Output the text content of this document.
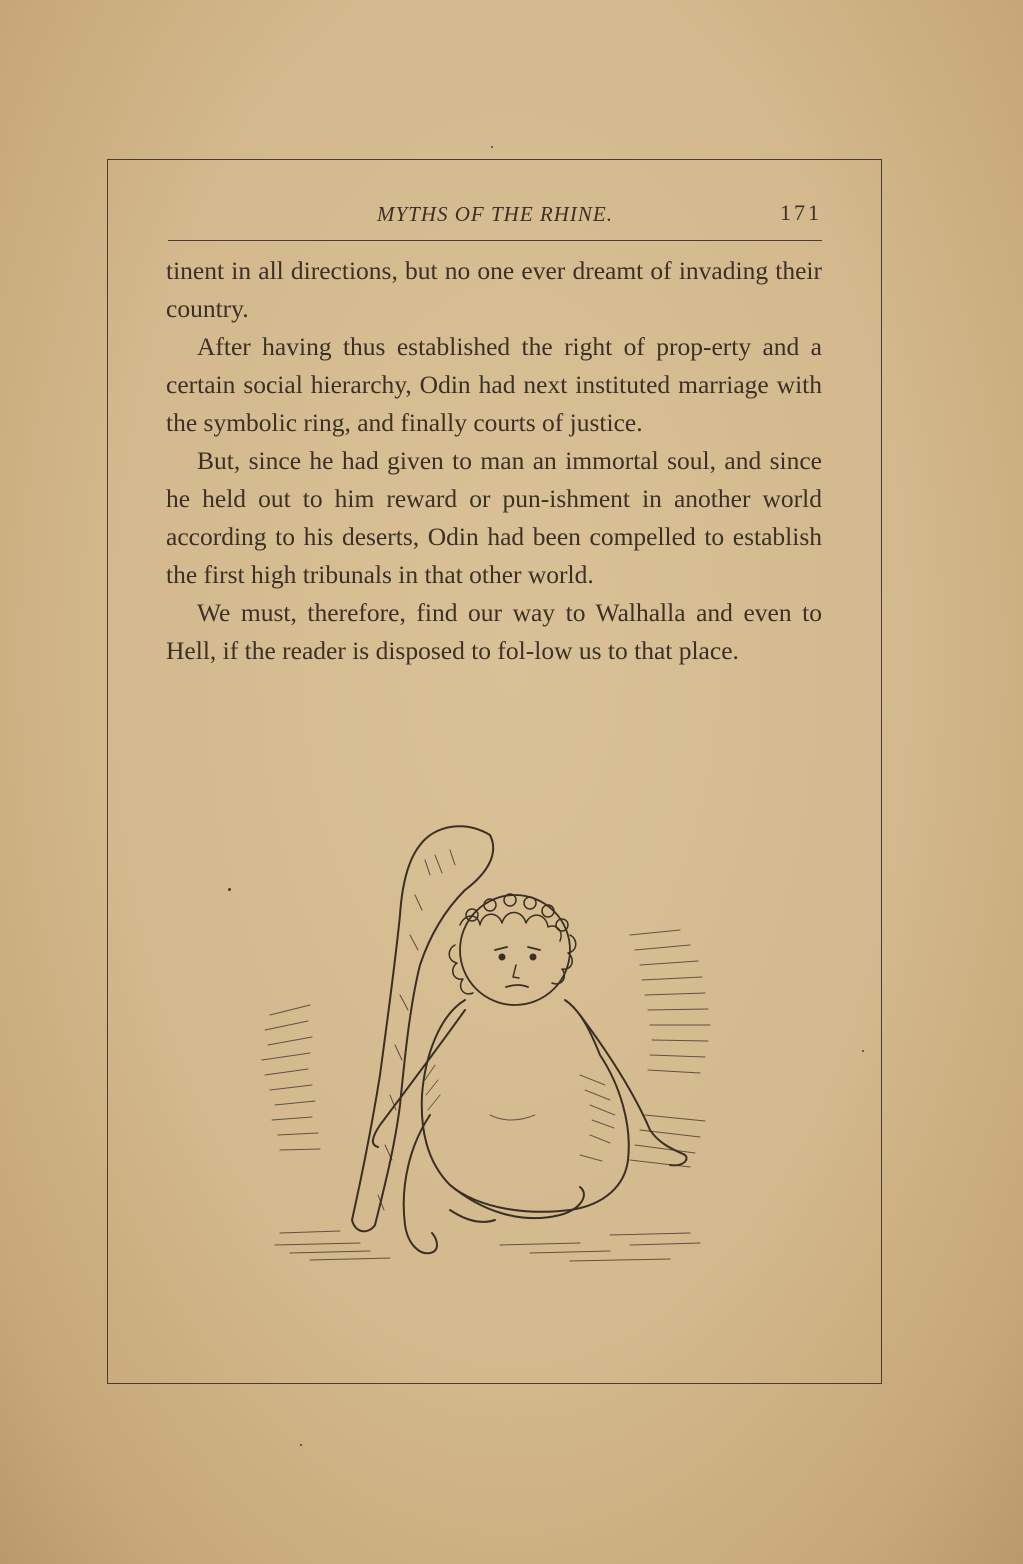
MYTHS OF THE RHINE.	171

tinent in all directions, but no one ever dreamt of invading their country.

After having thus established the right of prop-erty and a certain social hierarchy, Odin had next instituted marriage with the symbolic ring, and finally courts of justice.

But, since he had given to man an immortal soul, and since he held out to him reward or pun-ishment in another world according to his deserts, Odin had been compelled to establish the first high tribunals in that other world.

We must, therefore, find our way to Walhalla and even to Hell, if the reader is disposed to fol-low us to that place.
